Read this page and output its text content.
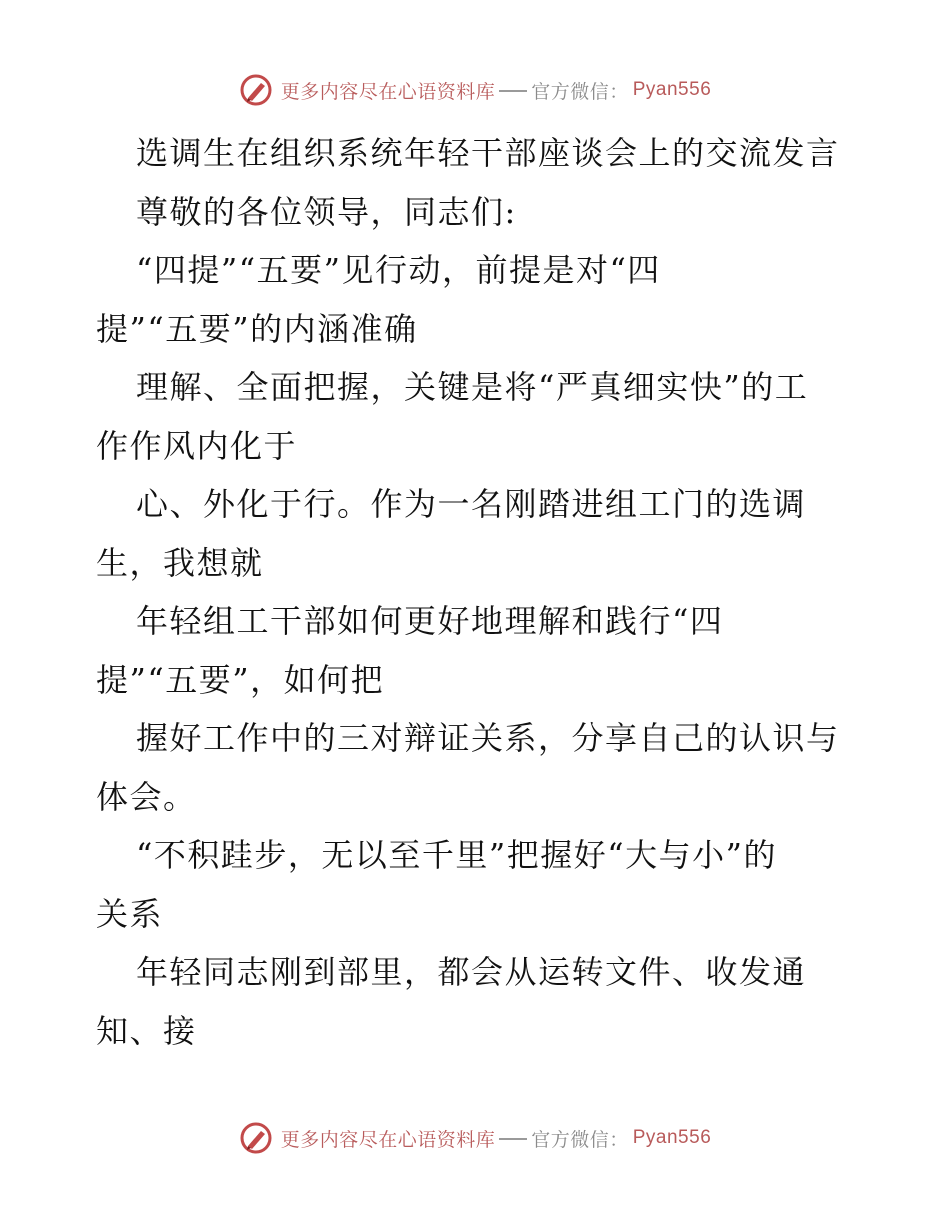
更多内容尽在心语资料库 官方微信： Pyan556
选调生在组织系统年轻干部座谈会上的交流发言
尊敬的各位领导，同志们:
“四提”“五要”见行动，前提是对“四
提”“五要”的内涵准确
理解、全面把握，关键是将“严真细实快”的工
作作风内化于
心、外化于行。作为一名刚踏进组工门的选调
生，我想就
年轻组工干部如何更好地理解和践行“四
提”“五要”，如何把
握好工作中的三对辩证关系，分享自己的认识与
体会。
“不积跬步，无以至千里”把握好“大与小”的
关系
年轻同志刚到部里，都会从运转文件、收发通
知、接
更多内容尽在心语资料库 官方微信： Pyan556
